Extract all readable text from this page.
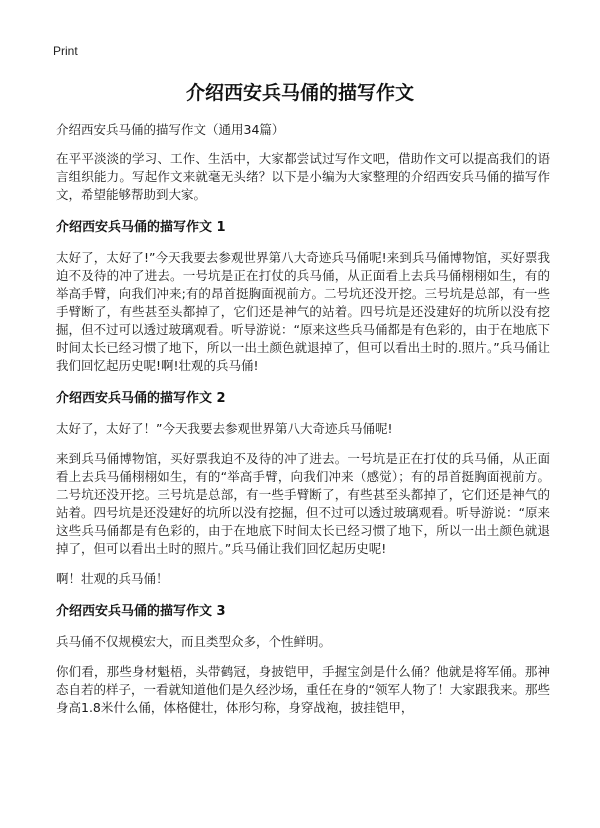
Print
介绍西安兵马俑的描写作文
介绍西安兵马俑的描写作文（通用34篇）

在平平淡淡的学习、工作、生活中，大家都尝试过写作文吧，借助作文可以提高我们的语言组织能力。写起作文来就毫无头绪？以下是小编为大家整理的介绍西安兵马俑的描写作文，希望能够帮助到大家。

介绍西安兵马俑的描写作文 1

太好了，太好了!”今天我要去参观世界第八大奇迹兵马俑呢!来到兵马俑博物馆，买好票我迫不及待的冲了进去。一号坑是正在打仗的兵马俑，从正面看上去兵马俑栩栩如生，有的举高手臂，向我们冲来;有的昂首挺胸面视前方。二号坑还没开挖。三号坑是总部，有一些手臂断了，有些甚至头都掉了，它们还是神气的站着。四号坑是还没建好的坑所以没有挖掘，但不过可以透过玻璃观看。听导游说：“原来这些兵马俑都是有色彩的，由于在地底下时间太长已经习惯了地下，所以一出土颜色就退掉了，但可以看出土时的.照片。”兵马俑让我们回忆起历史呢!啊!壮观的兵马俑!

介绍西安兵马俑的描写作文 2

太好了，太好了！”今天我要去参观世界第八大奇迹兵马俑呢!

来到兵马俑博物馆，买好票我迫不及待的冲了进去。一号坑是正在打仗的兵马俑，从正面看上去兵马俑栩栩如生，有的“举高手臂，向我们冲来（感觉）；有的昂首挺胸面视前方。二号坑还没开挖。三号坑是总部，有一些手臂断了，有些甚至头都掉了，它们还是神气的站着。四号坑是还没建好的坑所以没有挖掘，但不过可以透过玻璃观看。听导游说：“原来这些兵马俑都是有色彩的，由于在地底下时间太长已经习惯了地下，所以一出土颜色就退掉了，但可以看出土时的照片。”兵马俑让我们回忆起历史呢!

啊！壮观的兵马俑！

介绍西安兵马俑的描写作文 3

兵马俑不仅规模宏大，而且类型众多，个性鲜明。

你们看，那些身材魁梧，头带鹤冠，身披铠甲，手握宝剑是什么俑？他就是将军俑。那神态自若的样子，一看就知道他们是久经沙场，重任在身的“领军人物了！大家跟我来。那些身高1.8米什么俑，体格健壮，体形匀称，身穿战袍，披挂铠甲，
